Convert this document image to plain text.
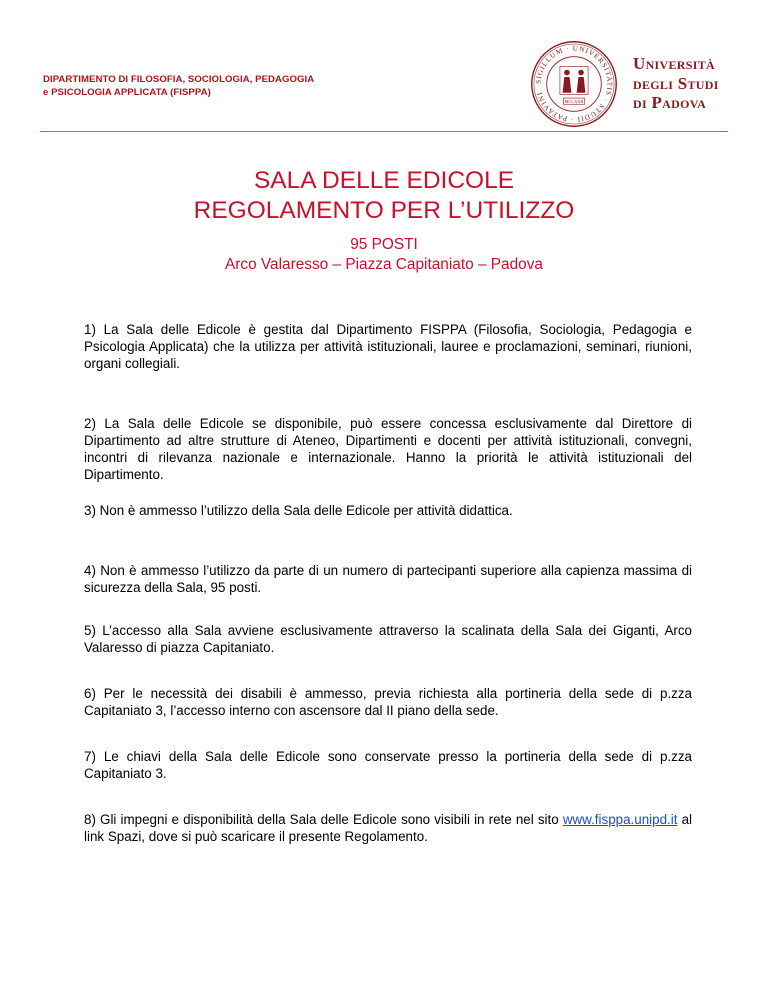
DIPARTIMENTO DI FILOSOFIA, SOCIOLOGIA, PEDAGOGIA
e PSICOLOGIA APPLICATA (FISPPA)
SIGILLUM · UNIVERSITATIS · STUDII · PATAVINI
MCCXXII
Università
degli Studi
di Padova
SALA DELLE EDICOLE
REGOLAMENTO PER L’UTILIZZO
95 POSTI
Arco Valaresso – Piazza Capitaniato – Padova
1) La Sala delle Edicole è gestita dal Dipartimento FISPPA (Filosofia, Sociologia, Pedagogia e Psicologia Applicata) che la utilizza per attività istituzionali, lauree e proclamazioni, seminari, riunioni, organi collegiali.
2) La Sala delle Edicole se disponibile, può essere concessa esclusivamente dal Direttore di Dipartimento ad altre strutture di Ateneo, Dipartimenti e docenti per attività istituzionali, convegni, incontri di rilevanza nazionale e internazionale. Hanno la priorità le attività istituzionali del Dipartimento.
3) Non è ammesso l’utilizzo della Sala delle Edicole per attività didattica.
4) Non è ammesso l’utilizzo da parte di un numero di partecipanti superiore alla capienza massima di sicurezza della Sala, 95 posti.
5) L’accesso alla Sala avviene esclusivamente attraverso la scalinata della Sala dei Giganti, Arco Valaresso di piazza Capitaniato.
6) Per le necessità dei disabili è ammesso, previa richiesta alla portineria della sede di p.zza Capitaniato 3, l’accesso interno con ascensore dal II piano della sede.
7) Le chiavi della Sala delle Edicole sono conservate presso la portineria della sede di p.zza Capitaniato 3.
8) Gli impegni e disponibilità della Sala delle Edicole sono visibili in rete nel sito www.fisppa.unipd.it al link Spazi, dove si può scaricare il presente Regolamento.
